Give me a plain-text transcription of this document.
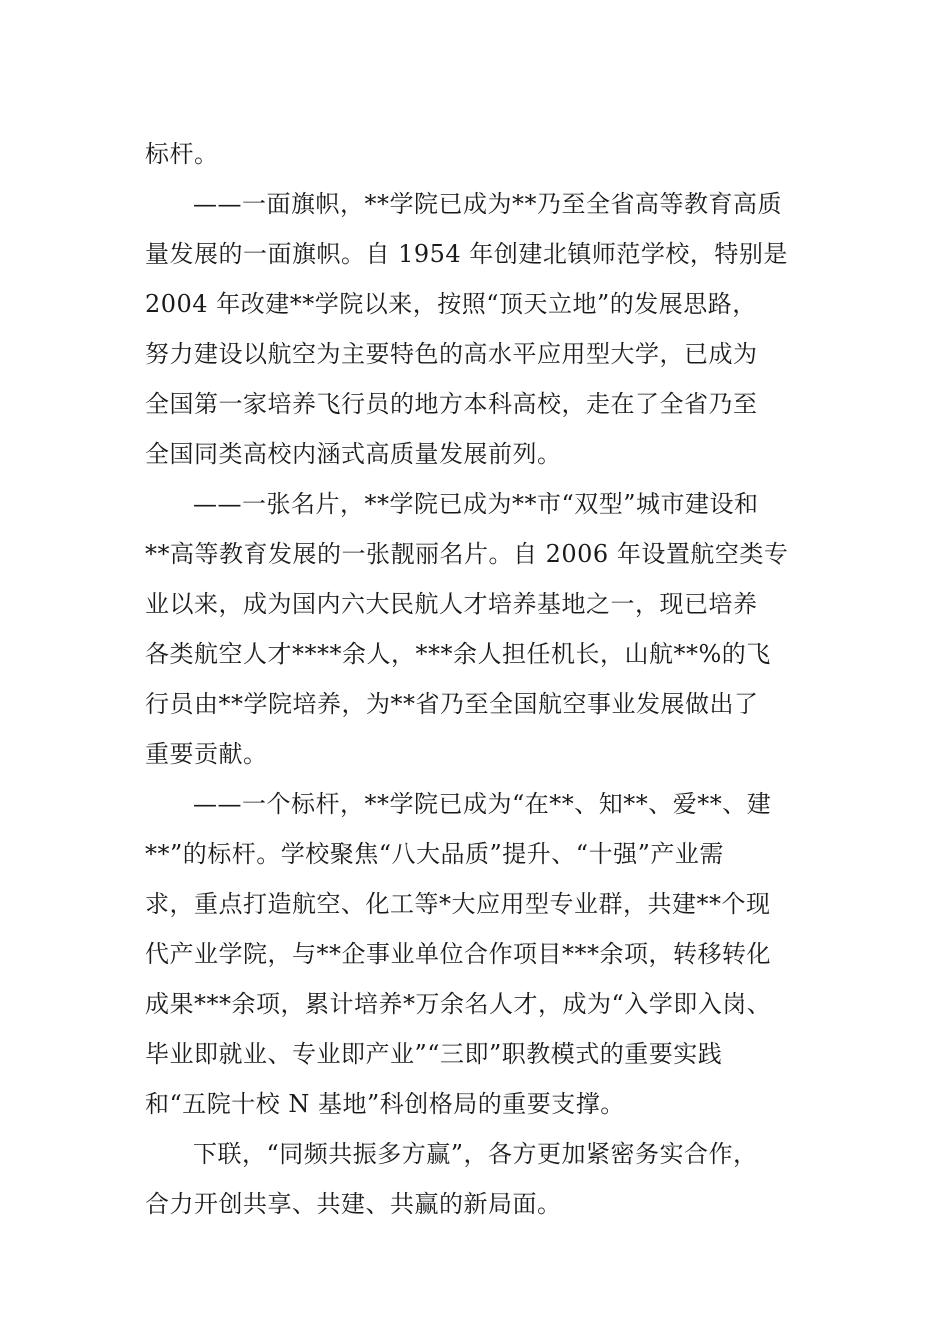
标杆。
——一面旗帜，**学院已成为**乃至全省高等教育高质
量发展的一面旗帜。自 1954 年创建北镇师范学校，特别是
2004 年改建**学院以来，按照“顶天立地”的发展思路，
努力建设以航空为主要特色的高水平应用型大学，已成为
全国第一家培养飞行员的地方本科高校，走在了全省乃至
全国同类高校内涵式高质量发展前列。
——一张名片，**学院已成为**市“双型”城市建设和
**高等教育发展的一张靓丽名片。自 2006 年设置航空类专
业以来，成为国内六大民航人才培养基地之一，现已培养
各类航空人才****余人，***余人担任机长，山航**%的飞
行员由**学院培养，为**省乃至全国航空事业发展做出了
重要贡献。
——一个标杆，**学院已成为“在**、知**、爱**、建
**”的标杆。学校聚焦“八大品质”提升、“十强”产业需
求，重点打造航空、化工等*大应用型专业群，共建**个现
代产业学院，与**企事业单位合作项目***余项，转移转化
成果***余项，累计培养*万余名人才，成为“入学即入岗、
毕业即就业、专业即产业”“三即”职教模式的重要实践
和“五院十校 N 基地”科创格局的重要支撑。
下联，“同频共振多方赢”，各方更加紧密务实合作，
合力开创共享、共建、共赢的新局面。
